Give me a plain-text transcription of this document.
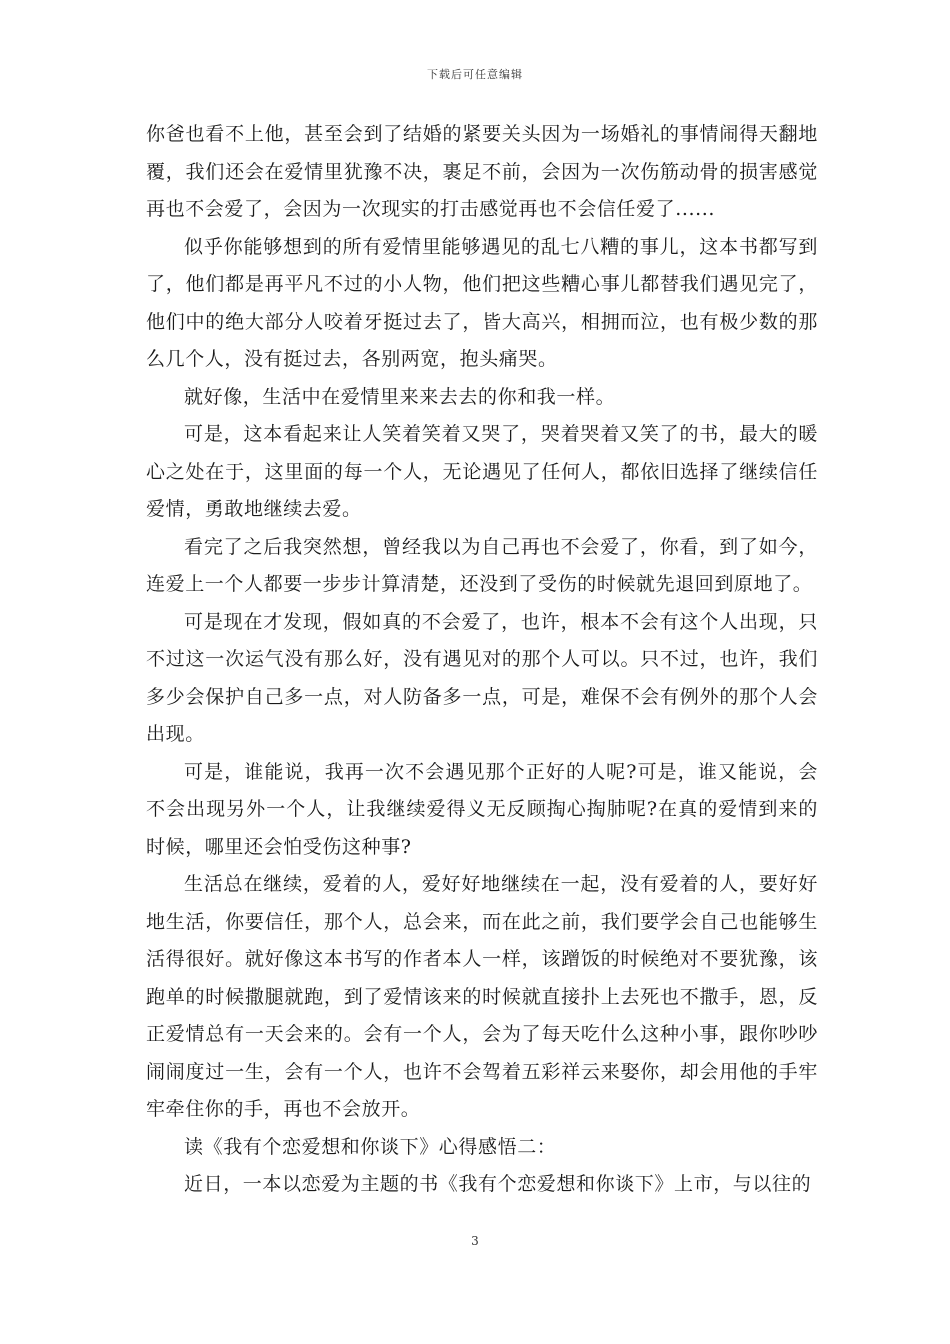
下载后可任意编辑

你爸也看不上他，甚至会到了结婚的紧要关头因为一场婚礼的事情闹得天翻地覆，我们还会在爱情里犹豫不决，裹足不前，会因为一次伤筋动骨的损害感觉再也不会爱了，会因为一次现实的打击感觉再也不会信任爱了......

似乎你能够想到的所有爱情里能够遇见的乱七八糟的事儿，这本书都写到了，他们都是再平凡不过的小人物，他们把这些糟心事儿都替我们遇见完了，他们中的绝大部分人咬着牙挺过去了，皆大高兴，相拥而泣，也有极少数的那么几个人，没有挺过去，各别两宽，抱头痛哭。

就好像，生活中在爱情里来来去去的你和我一样。

可是，这本看起来让人笑着笑着又哭了，哭着哭着又笑了的书，最大的暖心之处在于，这里面的每一个人，无论遇见了任何人，都依旧选择了继续信任爱情，勇敢地继续去爱。

看完了之后我突然想，曾经我以为自己再也不会爱了，你看，到了如今，连爱上一个人都要一步步计算清楚，还没到了受伤的时候就先退回到原地了。

可是现在才发现，假如真的不会爱了，也许，根本不会有这个人出现，只不过这一次运气没有那么好，没有遇见对的那个人可以。只不过，也许，我们多少会保护自己多一点，对人防备多一点，可是，难保不会有例外的那个人会出现。

可是，谁能说，我再一次不会遇见那个正好的人呢?可是，谁又能说，会不会出现另外一个人，让我继续爱得义无反顾掏心掏肺呢?在真的爱情到来的时候，哪里还会怕受伤这种事?

生活总在继续，爱着的人，爱好好地继续在一起，没有爱着的人，要好好地生活，你要信任，那个人，总会来，而在此之前，我们要学会自己也能够生活得很好。就好像这本书写的作者本人一样，该蹭饭的时候绝对不要犹豫，该跑单的时候撒腿就跑，到了爱情该来的时候就直接扑上去死也不撒手，恩，反正爱情总有一天会来的。会有一个人，会为了每天吃什么这种小事，跟你吵吵闹闹度过一生，会有一个人，也许不会驾着五彩祥云来娶你，却会用他的手牢牢牵住你的手，再也不会放开。

读《我有个恋爱想和你谈下》心得感悟二：

近日，一本以恋爱为主题的书《我有个恋爱想和你谈下》上市，与以往的

3
